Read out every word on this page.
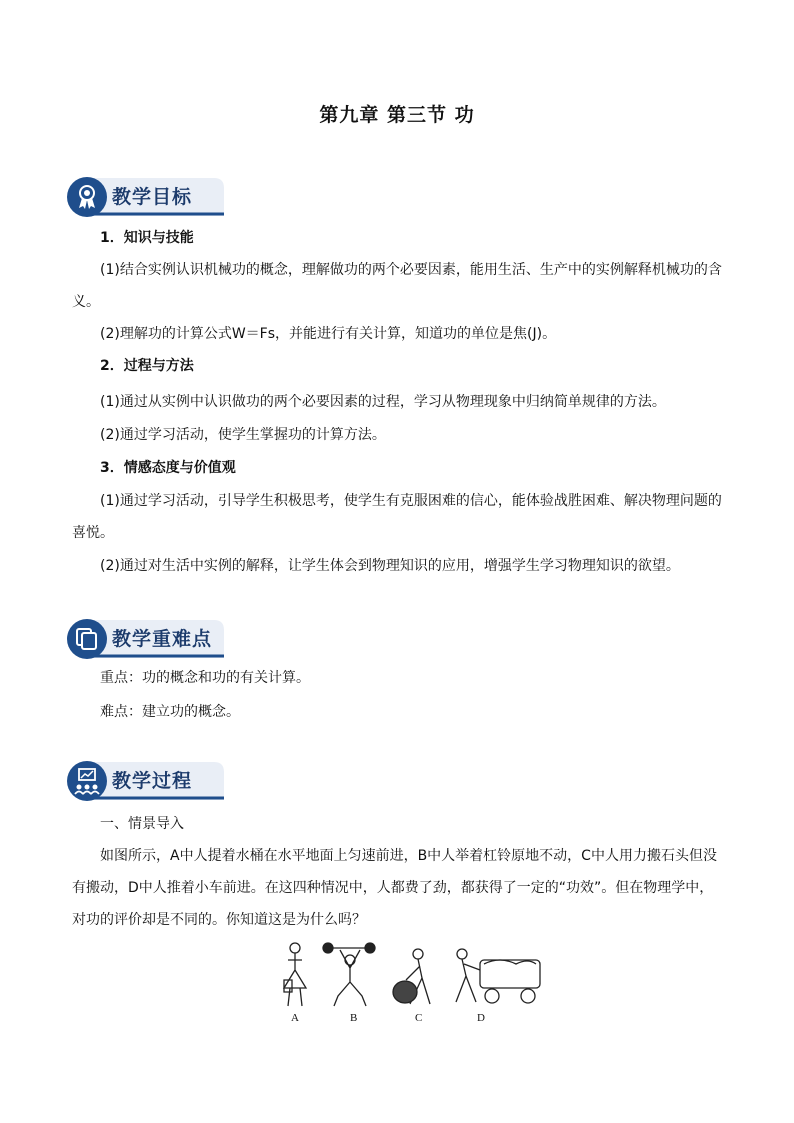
第九章 第三节 功
教学目标
1．知识与技能
(1)结合实例认识机械功的概念，理解做功的两个必要因素，能用生活、生产中的实例解释机械功的含义。
(2)理解功的计算公式W＝Fs，并能进行有关计算，知道功的单位是焦(J)。
2．过程与方法
(1)通过从实例中认识做功的两个必要因素的过程，学习从物理现象中归纳简单规律的方法。
(2)通过学习活动，使学生掌握功的计算方法。
3．情感态度与价值观
(1)通过学习活动，引导学生积极思考，使学生有克服困难的信心，能体验战胜困难、解决物理问题的喜悦。
(2)通过对生活中实例的解释，让学生体会到物理知识的应用，增强学生学习物理知识的欲望。
教学重难点
重点：功的概念和功的有关计算。
难点：建立功的概念。
教学过程
一、情景导入
如图所示，A中人提着水桶在水平地面上匀速前进，B中人举着杠铃原地不动，C中人用力搬石头但没有搬动，D中人推着小车前进。在这四种情况中，人都费了劲，都获得了一定的“功效”。但在物理学中，对功的评价却是不同的。你知道这是为什么吗？
A	B	C	D
